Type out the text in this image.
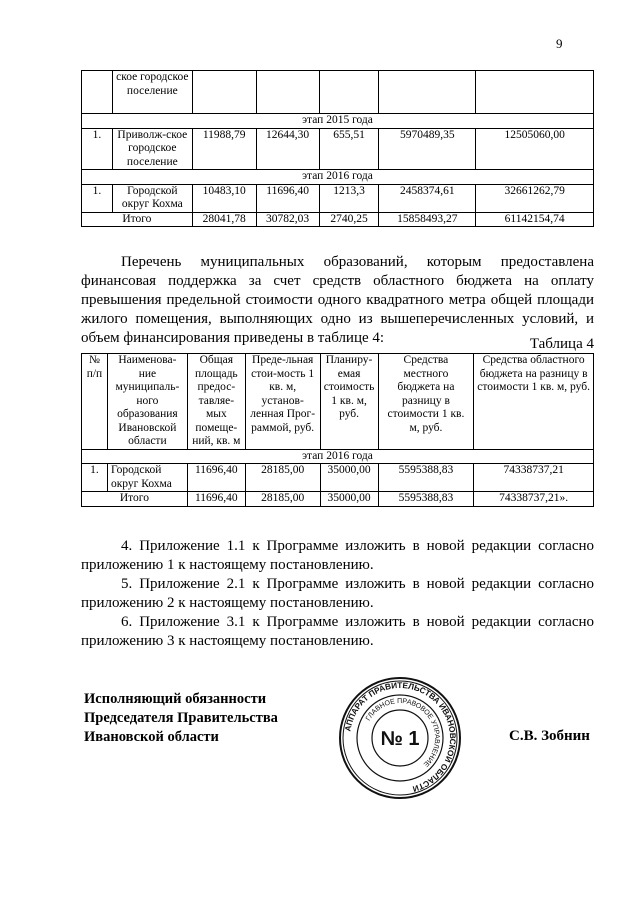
9
	ское городское поселение					
этап 2015 года						
1.	Приволж-ское городское поселение	11988,79	12644,30	655,51	5970489,35	12505060,00
этап 2016 года						
1.	Городской округ Кохма	10483,10	11696,40	1213,3	2458374,61	32661262,79
Итого		28041,78	30782,03	2740,25	15858493,27	61142154,74
Перечень муниципальных образований, которым предоставлена финансовая поддержка за счет средств областного бюджета на оплату превышения предельной стоимости одного квадратного метра общей площади жилого помещения, выполняющих одно из вышеперечисленных условий, и объем финансирования приведены в таблице 4:	Таблица 4
№ п/п	Наименова-ние муниципаль-ного образования Ивановской области	Общая площадь предос-тавляе-мых помеще-ний, кв. м	Преде-льная стои-мость 1 кв. м, установ-ленная Прог-раммой, руб.	Планиру-емая стоимость 1 кв. м, руб.	Средства местного бюджета на разницу в стоимости 1 кв. м, руб.	Средства областного бюджета на разницу в стоимости 1 кв. м, руб.
этап 2016 года						
1.	Городской округ Кохма	11696,40	28185,00	35000,00	5595388,83	74338737,21
Итого		11696,40	28185,00	35000,00	5595388,83	74338737,21».
4. Приложение 1.1 к Программе изложить в новой редакции согласно приложению 1 к настоящему постановлению.
5. Приложение 2.1 к Программе изложить в новой редакции согласно приложению 2 к настоящему постановлению.
6. Приложение 3.1 к Программе изложить в новой редакции согласно приложению 3 к настоящему постановлению.
Исполняющий обязанности
Председателя Правительства
Ивановской области
АППАРАТ ПРАВИТЕЛЬСТВА ИВАНОВСКОЙ ОБЛАСТИ
ГЛАВНОЕ ПРАВОВОЕ УПРАВЛЕНИЕ
№ 1	С.В. Зобнин
